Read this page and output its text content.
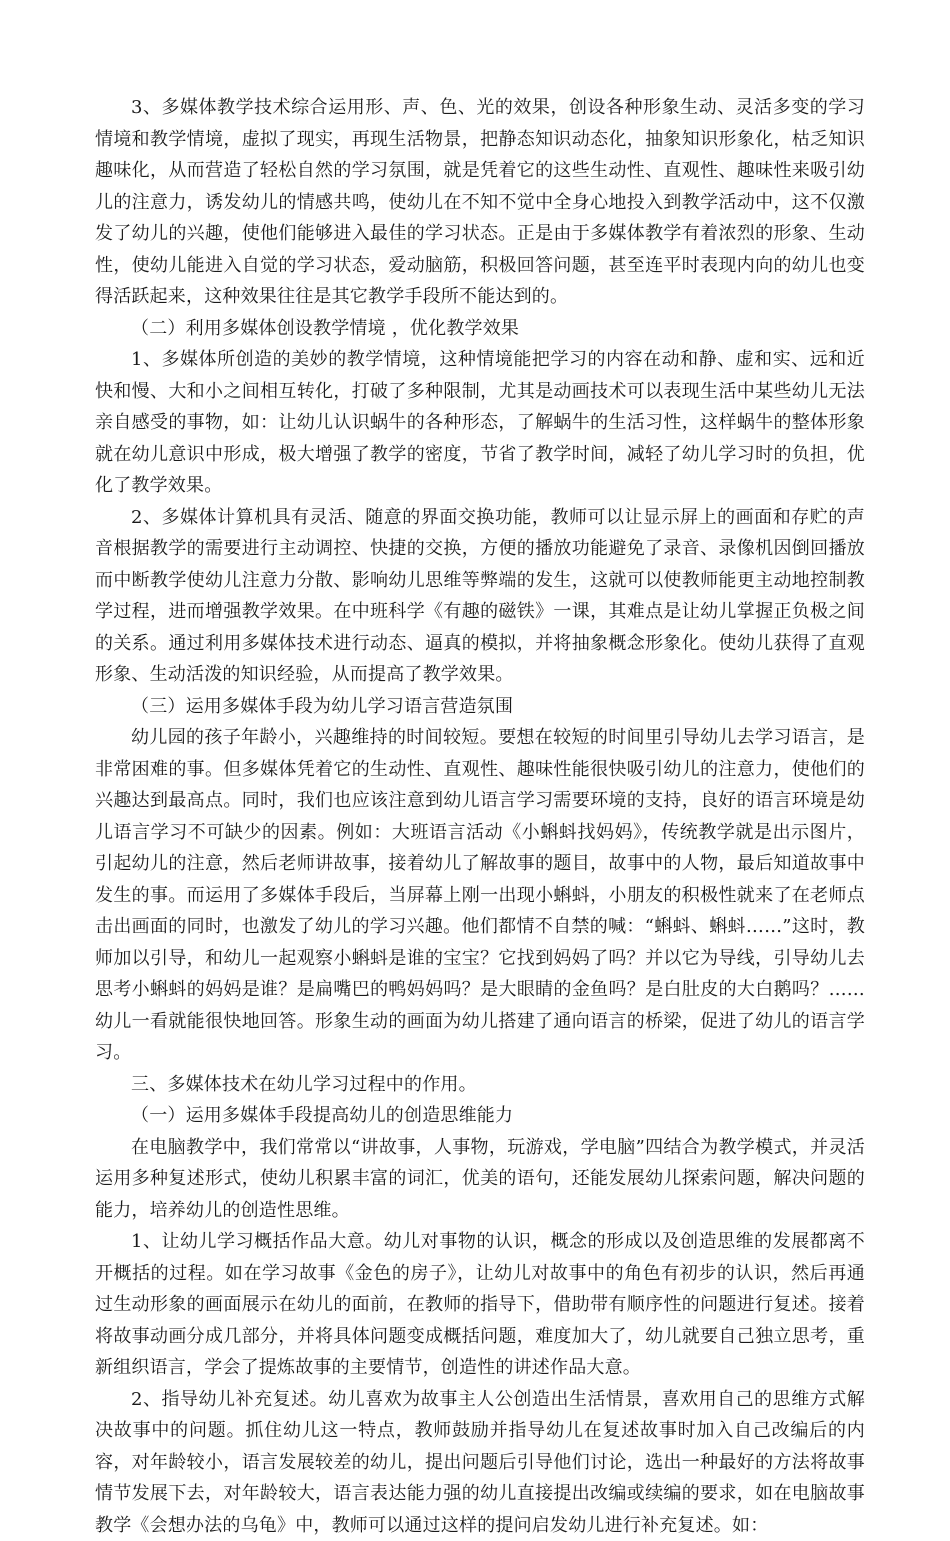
3、多媒体教学技术综合运用形、声、色、光的效果，创设各种形象生动、灵活多变的学习情境和教学情境，虚拟了现实，再现生活物景，把静态知识动态化，抽象知识形象化，枯乏知识趣味化，从而营造了轻松自然的学习氛围，就是凭着它的这些生动性、直观性、趣味性来吸引幼儿的注意力，诱发幼儿的情感共鸣，使幼儿在不知不觉中全身心地投入到教学活动中，这不仅激发了幼儿的兴趣，使他们能够进入最佳的学习状态。正是由于多媒体教学有着浓烈的形象、生动性，使幼儿能进入自觉的学习状态，爱动脑筋，积极回答问题，甚至连平时表现内向的幼儿也变得活跃起来，这种效果往往是其它教学手段所不能达到的。

（二）利用多媒体创设教学情境 ，优化教学效果

1、多媒体所创造的美妙的教学情境，这种情境能把学习的内容在动和静、虚和实、远和近快和慢、大和小之间相互转化，打破了多种限制，尤其是动画技术可以表现生活中某些幼儿无法亲自感受的事物，如：让幼儿认识蜗牛的各种形态，了解蜗牛的生活习性，这样蜗牛的整体形象就在幼儿意识中形成，极大增强了教学的密度，节省了教学时间，减轻了幼儿学习时的负担，优化了教学效果。

2、多媒体计算机具有灵活、随意的界面交换功能，教师可以让显示屏上的画面和存贮的声音根据教学的需要进行主动调控、快捷的交换，方便的播放功能避免了录音、录像机因倒回播放而中断教学使幼儿注意力分散、影响幼儿思维等弊端的发生，这就可以使教师能更主动地控制教学过程，进而增强教学效果。在中班科学《有趣的磁铁》一课，其难点是让幼儿掌握正负极之间的关系。通过利用多媒体技术进行动态、逼真的模拟，并将抽象概念形象化。使幼儿获得了直观形象、生动活泼的知识经验，从而提高了教学效果。

（三）运用多媒体手段为幼儿学习语言营造氛围

幼儿园的孩子年龄小，兴趣维持的时间较短。要想在较短的时间里引导幼儿去学习语言，是非常困难的事。但多媒体凭着它的生动性、直观性、趣味性能很快吸引幼儿的注意力，使他们的兴趣达到最高点。同时，我们也应该注意到幼儿语言学习需要环境的支持，良好的语言环境是幼儿语言学习不可缺少的因素。例如：大班语言活动《小蝌蚪找妈妈》，传统教学就是出示图片，引起幼儿的注意，然后老师讲故事，接着幼儿了解故事的题目，故事中的人物，最后知道故事中发生的事。而运用了多媒体手段后，当屏幕上刚一出现小蝌蚪，小朋友的积极性就来了在老师点击出画面的同时，也激发了幼儿的学习兴趣。他们都情不自禁的喊：“蝌蚪、蝌蚪……”这时，教师加以引导，和幼儿一起观察小蝌蚪是谁的宝宝？它找到妈妈了吗？并以它为导线，引导幼儿去思考小蝌蚪的妈妈是谁？是扁嘴巴的鸭妈妈吗？是大眼睛的金鱼吗？是白肚皮的大白鹅吗？……幼儿一看就能很快地回答。形象生动的画面为幼儿搭建了通向语言的桥梁，促进了幼儿的语言学习。

三、多媒体技术在幼儿学习过程中的作用。

（一）运用多媒体手段提高幼儿的创造思维能力

在电脑教学中，我们常常以“讲故事，人事物，玩游戏，学电脑”四结合为教学模式，并灵活运用多种复述形式，使幼儿积累丰富的词汇，优美的语句，还能发展幼儿探索问题，解决问题的能力，培养幼儿的创造性思维。

1、让幼儿学习概括作品大意。幼儿对事物的认识，概念的形成以及创造思维的发展都离不开概括的过程。如在学习故事《金色的房子》，让幼儿对故事中的角色有初步的认识，然后再通过生动形象的画面展示在幼儿的面前，在教师的指导下，借助带有顺序性的问题进行复述。接着将故事动画分成几部分，并将具体问题变成概括问题，难度加大了，幼儿就要自己独立思考，重新组织语言，学会了提炼故事的主要情节，创造性的讲述作品大意。

2、指导幼儿补充复述。幼儿喜欢为故事主人公创造出生活情景，喜欢用自己的思维方式解决故事中的问题。抓住幼儿这一特点，教师鼓励并指导幼儿在复述故事时加入自己改编后的内容，对年龄较小，语言发展较差的幼儿，提出问题后引导他们讨论，选出一种最好的方法将故事情节发展下去，对年龄较大，语言表达能力强的幼儿直接提出改编或续编的要求，如在电脑故事教学《会想办法的乌龟》中，教师可以通过这样的提问启发幼儿进行补充复述。如：
